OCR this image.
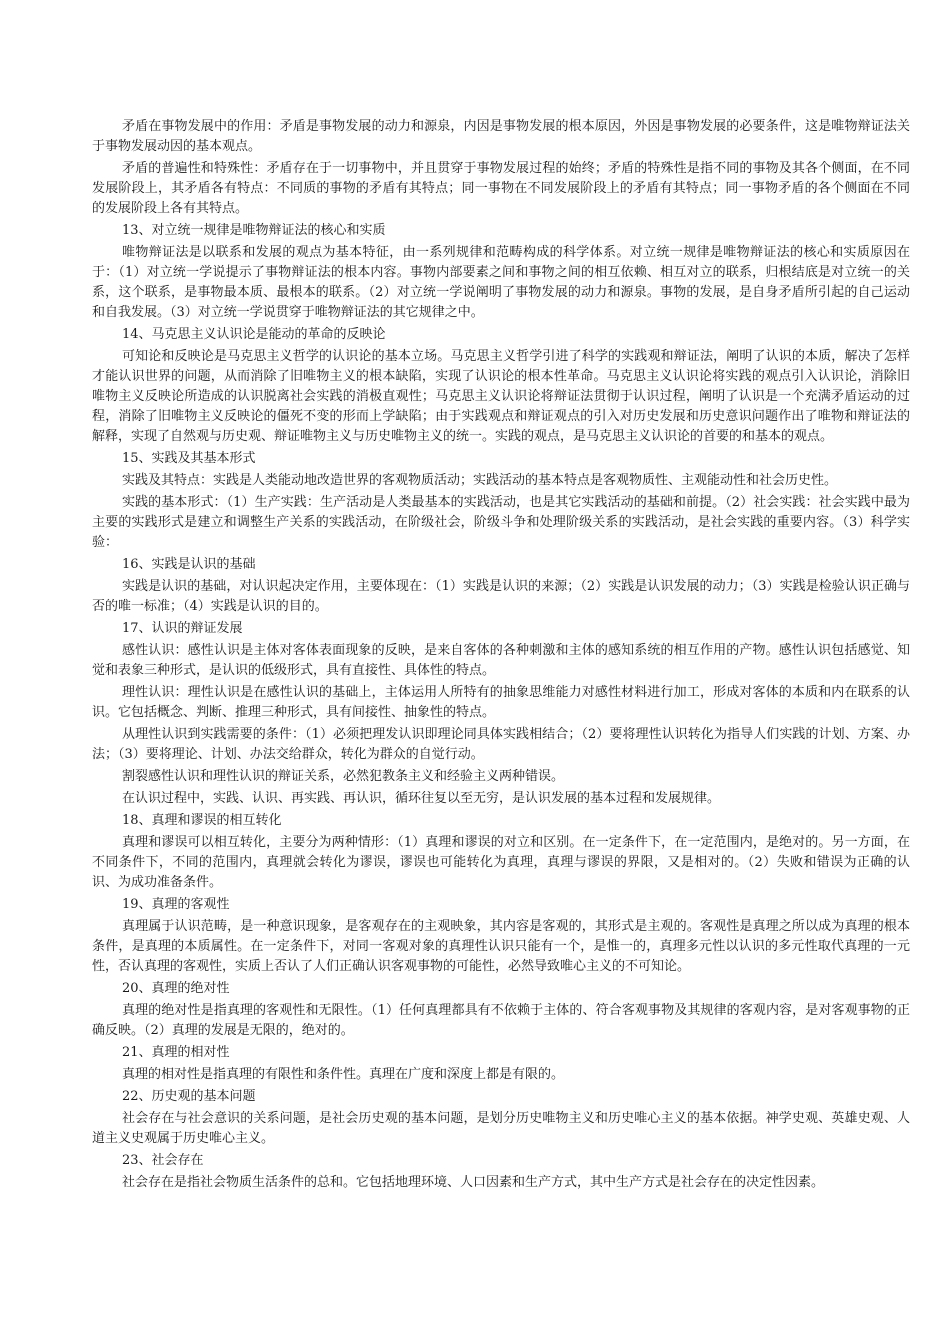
矛盾在事物发展中的作用：矛盾是事物发展的动力和源泉，内因是事物发展的根本原因，外因是事物发展的必要条件，这是唯物辩证法关于事物发展动因的基本观点。

矛盾的普遍性和特殊性：矛盾存在于一切事物中，并且贯穿于事物发展过程的始终；矛盾的特殊性是指不同的事物及其各个侧面，在不同发展阶段上，其矛盾各有特点：不同质的事物的矛盾有其特点；同一事物在不同发展阶段上的矛盾有其特点；同一事物矛盾的各个侧面在不同的发展阶段上各有其特点。

13、对立统一规律是唯物辩证法的核心和实质

唯物辩证法是以联系和发展的观点为基本特征，由一系列规律和范畴构成的科学体系。对立统一规律是唯物辩证法的核心和实质原因在于：（1）对立统一学说提示了事物辩证法的根本内容。事物内部要素之间和事物之间的相互依赖、相互对立的联系，归根结底是对立统一的关系，这个联系，是事物最本质、最根本的联系。（2）对立统一学说阐明了事物发展的动力和源泉。事物的发展，是自身矛盾所引起的自己运动和自我发展。（3）对立统一学说贯穿于唯物辩证法的其它规律之中。

14、马克思主义认识论是能动的革命的反映论

可知论和反映论是马克思主义哲学的认识论的基本立场。马克思主义哲学引进了科学的实践观和辩证法，阐明了认识的本质，解决了怎样才能认识世界的问题，从而消除了旧唯物主义的根本缺陷，实现了认识论的根本性革命。马克思主义认识论将实践的观点引入认识论，消除旧唯物主义反映论所造成的认识脱离社会实践的消极直观性；马克思主义认识论将辩证法贯彻于认识过程，阐明了认识是一个充满矛盾运动的过程，消除了旧唯物主义反映论的僵死不变的形而上学缺陷；由于实践观点和辩证观点的引入对历史发展和历史意识问题作出了唯物和辩证法的解释，实现了自然观与历史观、辩证唯物主义与历史唯物主义的统一。实践的观点，是马克思主义认识论的首要的和基本的观点。

15、实践及其基本形式

实践及其特点：实践是人类能动地改造世界的客观物质活动；实践活动的基本特点是客观物质性、主观能动性和社会历史性。

实践的基本形式：（1）生产实践：生产活动是人类最基本的实践活动，也是其它实践活动的基础和前提。（2）社会实践：社会实践中最为主要的实践形式是建立和调整生产关系的实践活动，在阶级社会，阶级斗争和处理阶级关系的实践活动，是社会实践的重要内容。（3）科学实验：

16、实践是认识的基础

实践是认识的基础，对认识起决定作用，主要体现在：（1）实践是认识的来源；（2）实践是认识发展的动力；（3）实践是检验认识正确与否的唯一标准；（4）实践是认识的目的。

17、认识的辩证发展

感性认识：感性认识是主体对客体表面现象的反映，是来自客体的各种刺激和主体的感知系统的相互作用的产物。感性认识包括感觉、知觉和表象三种形式，是认识的低级形式，具有直接性、具体性的特点。

理性认识：理性认识是在感性认识的基础上，主体运用人所特有的抽象思维能力对感性材料进行加工，形成对客体的本质和内在联系的认识。它包括概念、判断、推理三种形式，具有间接性、抽象性的特点。

从理性认识到实践需要的条件：（1）必须把理发认识即理论同具体实践相结合；（2）要将理性认识转化为指导人们实践的计划、方案、办法；（3）要将理论、计划、办法交给群众，转化为群众的自觉行动。

割裂感性认识和理性认识的辩证关系，必然犯教条主义和经验主义两种错误。

在认识过程中，实践、认识、再实践、再认识，循环往复以至无穷，是认识发展的基本过程和发展规律。

18、真理和谬误的相互转化

真理和谬误可以相互转化，主要分为两种情形：（1）真理和谬误的对立和区别。在一定条件下，在一定范围内，是绝对的。另一方面，在不同条件下，不同的范围内，真理就会转化为谬误，谬误也可能转化为真理，真理与谬误的界限，又是相对的。（2）失败和错误为正确的认识、为成功准备条件。

19、真理的客观性

真理属于认识范畴，是一种意识现象，是客观存在的主观映象，其内容是客观的，其形式是主观的。客观性是真理之所以成为真理的根本条件，是真理的本质属性。在一定条件下，对同一客观对象的真理性认识只能有一个，是惟一的，真理多元性以认识的多元性取代真理的一元性，否认真理的客观性，实质上否认了人们正确认识客观事物的可能性，必然导致唯心主义的不可知论。

20、真理的绝对性

真理的绝对性是指真理的客观性和无限性。（1）任何真理都具有不依赖于主体的、符合客观事物及其规律的客观内容，是对客观事物的正确反映。（2）真理的发展是无限的，绝对的。

21、真理的相对性

真理的相对性是指真理的有限性和条件性。真理在广度和深度上都是有限的。

22、历史观的基本问题

社会存在与社会意识的关系问题，是社会历史观的基本问题，是划分历史唯物主义和历史唯心主义的基本依据。神学史观、英雄史观、人道主义史观属于历史唯心主义。

23、社会存在

社会存在是指社会物质生活条件的总和。它包括地理环境、人口因素和生产方式，其中生产方式是社会存在的决定性因素。
